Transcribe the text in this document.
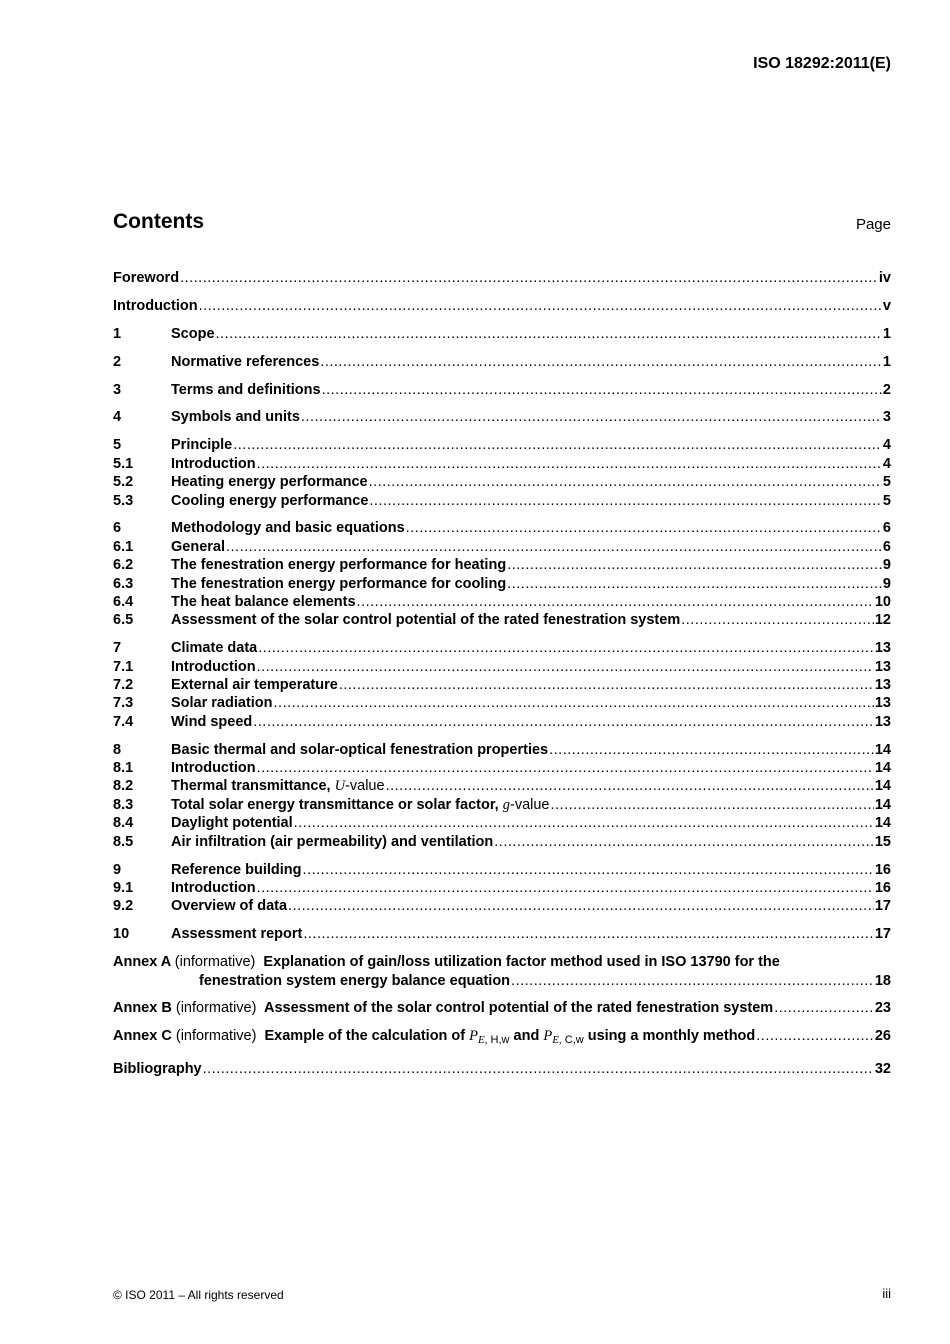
ISO 18292:2011(E)
Contents	Page
Foreword .....	iv
Introduction .....	v
1	Scope .....	1
2	Normative references .....	1
3	Terms and definitions .....	2
4	Symbols and units .....	3
5	Principle .....	4
5.1	Introduction .....	4
5.2	Heating energy performance .....	5
5.3	Cooling energy performance .....	5
6	Methodology and basic equations .....	6
6.1	General .....	6
6.2	The fenestration energy performance for heating .....	9
6.3	The fenestration energy performance for cooling .....	9
6.4	The heat balance elements .....	10
6.5	Assessment of the solar control potential of the rated fenestration system .....	12
7	Climate data .....	13
7.1	Introduction .....	13
7.2	External air temperature .....	13
7.3	Solar radiation .....	13
7.4	Wind speed .....	13
8	Basic thermal and solar-optical fenestration properties .....	14
8.1	Introduction .....	14
8.2	Thermal transmittance, U-value .....	14
8.3	Total solar energy transmittance or solar factor, g-value .....	14
8.4	Daylight potential .....	14
8.5	Air infiltration (air permeability) and ventilation .....	15
9	Reference building .....	16
9.1	Introduction .....	16
9.2	Overview of data .....	17
10	Assessment report .....	17
Annex A (informative) Explanation of gain/loss utilization factor method used in ISO 13790 for the
fenestration system energy balance equation .....	18
Annex B (informative) Assessment of the solar control potential of the rated fenestration system .....	23
Annex C (informative) Example of the calculation of $P_{E, H,w}$ and $P_{E, C,w}$ using a monthly method .....	26
Bibliography .....	32
© ISO 2011 – All rights reserved	iii
